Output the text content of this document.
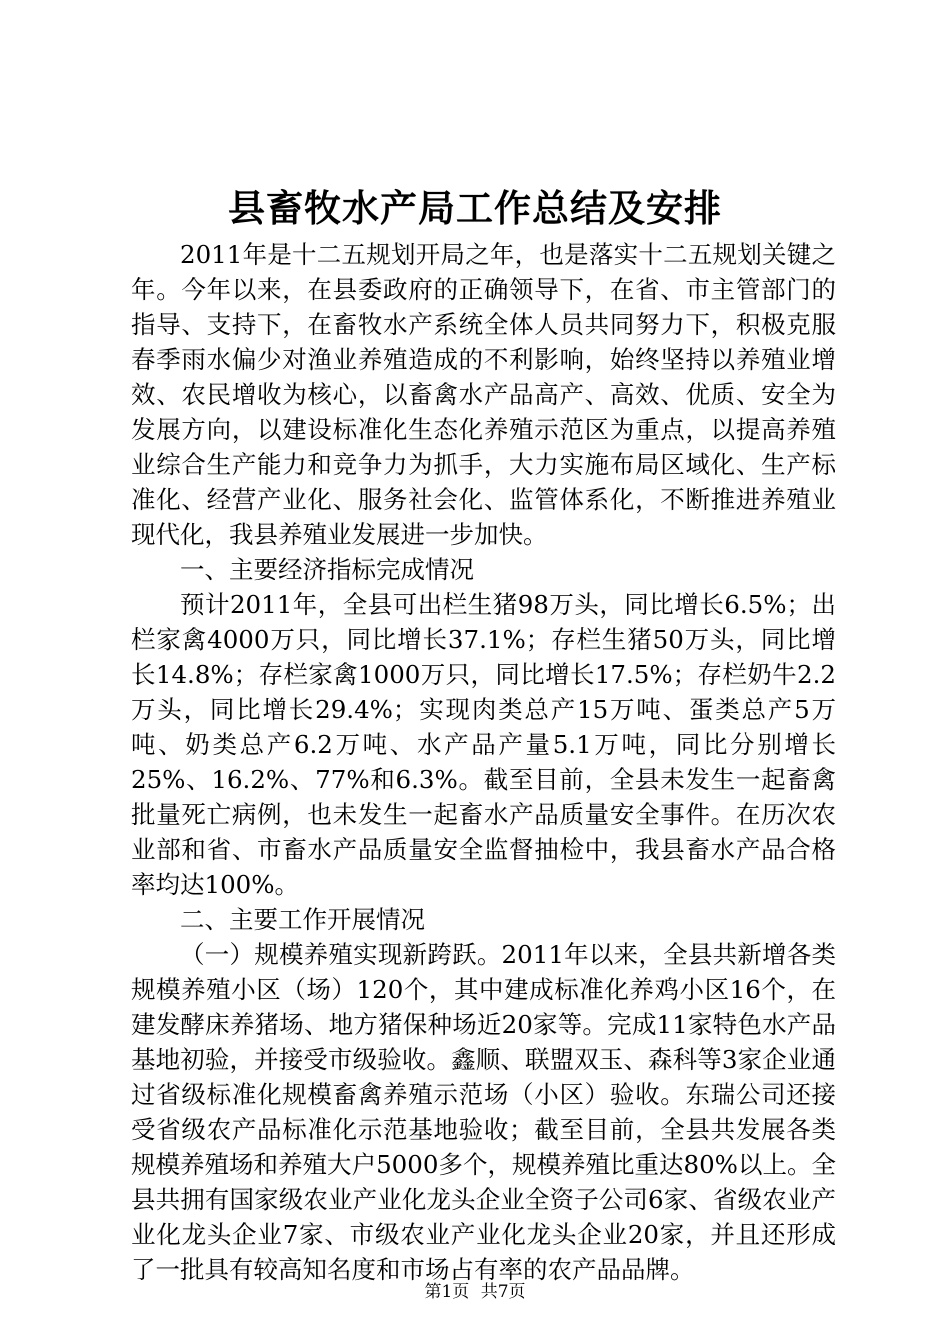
县畜牧水产局工作总结及安排

2011年是十二五规划开局之年，也是落实十二五规划关键之年。今年以来，在县委政府的正确领导下，在省、市主管部门的指导、支持下，在畜牧水产系统全体人员共同努力下，积极克服春季雨水偏少对渔业养殖造成的不利影响，始终坚持以养殖业增效、农民增收为核心，以畜禽水产品高产、高效、优质、安全为发展方向，以建设标准化生态化养殖示范区为重点，以提高养殖业综合生产能力和竞争力为抓手，大力实施布局区域化、生产标准化、经营产业化、服务社会化、监管体系化，不断推进养殖业现代化，我县养殖业发展进一步加快。

一、主要经济指标完成情况

预计2011年，全县可出栏生猪98万头，同比增长6.5%；出栏家禽4000万只，同比增长37.1%；存栏生猪50万头，同比增长14.8%；存栏家禽1000万只，同比增长17.5%；存栏奶牛2.2万头，同比增长29.4%；实现肉类总产15万吨、蛋类总产5万吨、奶类总产6.2万吨、水产品产量5.1万吨，同比分别增长25%、16.2%、77%和6.3%。截至目前，全县未发生一起畜禽批量死亡病例，也未发生一起畜水产品质量安全事件。在历次农业部和省、市畜水产品质量安全监督抽检中，我县畜水产品合格率均达100%。

二、主要工作开展情况

（一）规模养殖实现新跨跃。2011年以来，全县共新增各类规模养殖小区（场）120个，其中建成标准化养鸡小区16个，在建发酵床养猪场、地方猪保种场近20家等。完成11家特色水产品基地初验，并接受市级验收。鑫顺、联盟双玉、森科等3家企业通过省级标准化规模畜禽养殖示范场（小区）验收。东瑞公司还接受省级农产品标准化示范基地验收；截至目前，全县共发展各类规模养殖场和养殖大户5000多个，规模养殖比重达80%以上。全县共拥有国家级农业产业化龙头企业全资子公司6家、省级农业产业化龙头企业7家、市级农业产业化龙头企业20家，并且还形成了一批具有较高知名度和市场占有率的农产品品牌。

第1页 共7页
